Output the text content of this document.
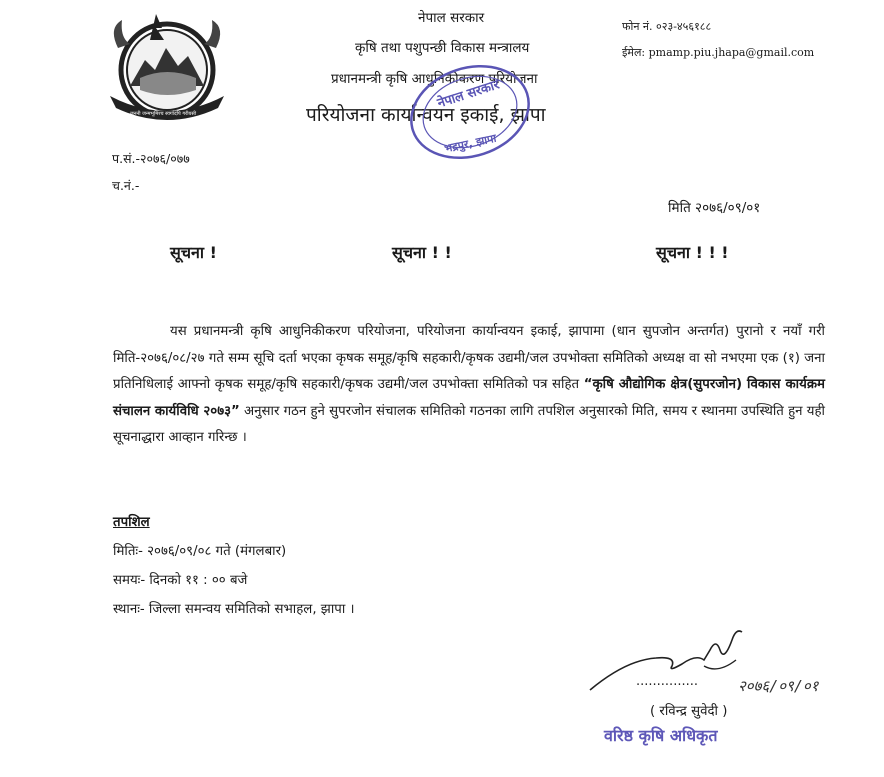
जननी जन्मभूमिश्च स्वर्गादपि गरीयसी
नेपाल सरकार
कृषि तथा पशुपन्छी विकास मन्त्रालय
प्रधानमन्त्री कृषि आधुनिकीकरण परियोजना
परियोजना कार्यान्वयन इकाई, झापा
फोन नं. ०२३-४५६१८८
ईमेल: pmamp.piu.jhapa@gmail.com
नेपाल सरकार
भद्रपुर, झापा
प.सं.-२०७६/०७७
च.नं.-
मिति २०७६/०९/०१
सूचना !	सूचना ! !	सूचना ! ! !

यस प्रधानमन्त्री कृषि आधुनिकीकरण परियोजना, परियोजना कार्यान्वयन इकाई, झापामा (धान सुपजोन अन्तर्गत) पुरानो र नयाँ गरी मिति-२०७६/०८/२७ गते सम्म सूचि दर्ता भएका कृषक समूह/कृषि सहकारी/कृषक उद्यमी/जल उपभोक्ता समितिको अध्यक्ष वा सो नभएमा एक (१) जना प्रतिनिधिलाई आफ्नो कृषक समूह/कृषि सहकारी/कृषक उद्यमी/जल उपभोक्ता समितिको पत्र सहित “कृषि औद्योगिक क्षेत्र(सुपरजोन) विकास कार्यक्रम संचालन कार्यविधि २०७३” अनुसार गठन हुने सुपरजोन संचालक समितिको गठनका लागि तपशिल अनुसारको मिति, समय र स्थानमा उपस्थिति हुन यही सूचनाद्धारा आव्हान गरिन्छ ।

तपशिल
मितिः- २०७६/०९/०८ गते (मंगलबार)
समयः- दिनको ११ : ०० बजे
स्थानः- जिल्ला समन्वय समितिको सभाहल, झापा ।
...............	२०७६/०९/०१
( रविन्द्र सुवेदी )
वरिष्ठ कृषि अधिकृत
